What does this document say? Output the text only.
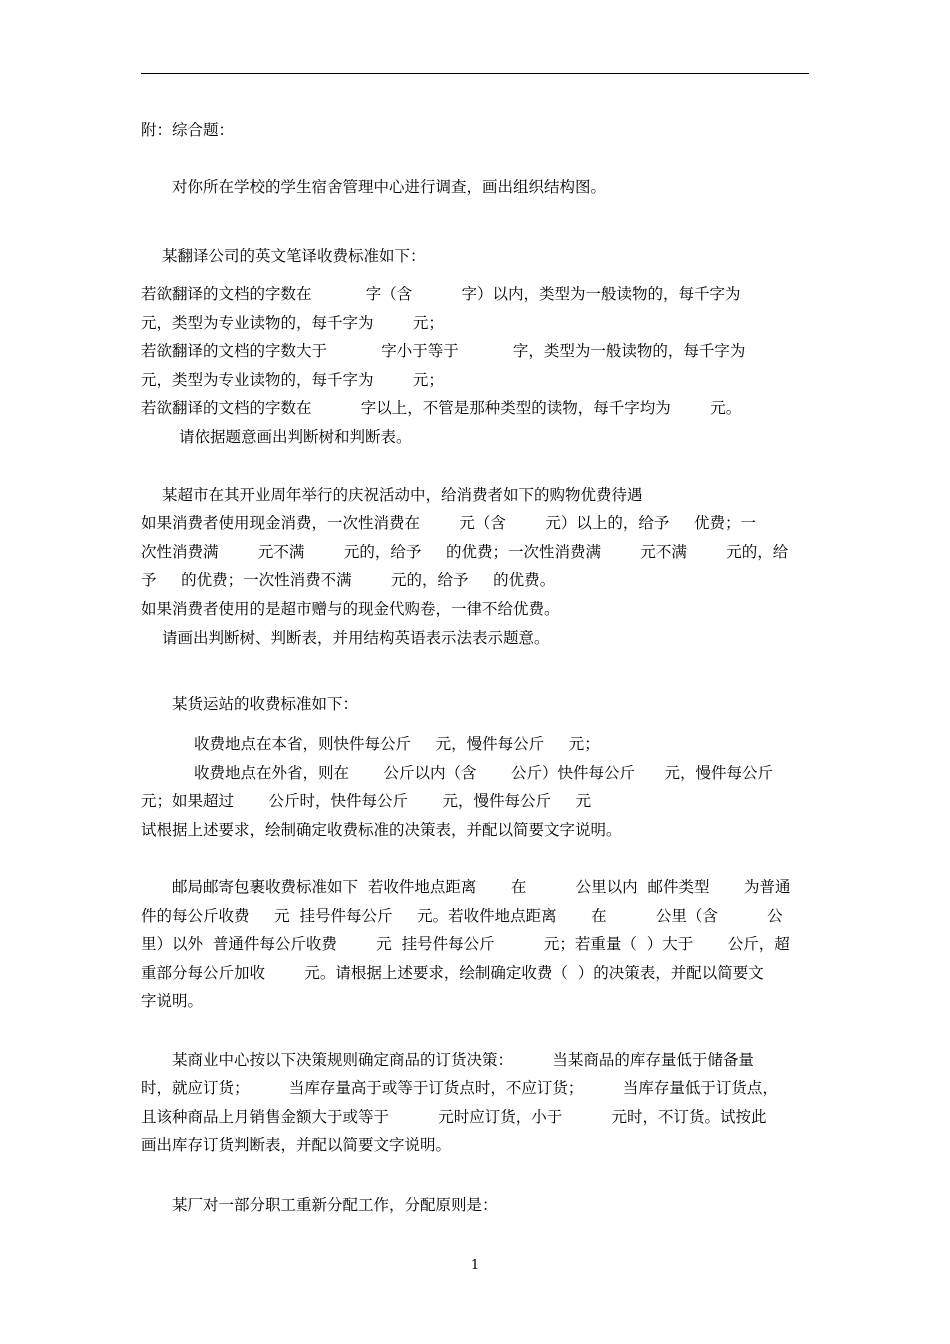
附：综合题：
对你所在学校的学生宿舍管理中心进行调查，画出组织结构图。
某翻译公司的英文笔译收费标准如下：
若欲翻译的文档的字数在           字（含          字）以内，类型为一般读物的，每千字为
元，类型为专业读物的，每千字为        元；
若欲翻译的文档的字数大于           字小于等于           字，类型为一般读物的，每千字为
元，类型为专业读物的，每千字为        元；
若欲翻译的文档的字数在          字以上，不管是那种类型的读物，每千字均为        元。
请依据题意画出判断树和判断表。
某超市在其开业周年举行的庆祝活动中，给消费者如下的购物优费待遇
如果消费者使用现金消费，一次性消费在        元（含        元）以上的，给予     优费；一
次性消费满        元不满        元的，给予     的优费；一次性消费满        元不满        元的，给
予     的优费；一次性消费不满        元的，给予     的优费。
如果消费者使用的是超市赠与的现金代购卷，一律不给优费。
请画出判断树、判断表，并用结构英语表示法表示题意。
某货运站的收费标准如下：
收费地点在本省，则快件每公斤     元，慢件每公斤     元；
收费地点在外省，则在       公斤以内（含       公斤）快件每公斤      元，慢件每公斤
元；如果超过       公斤时，快件每公斤       元，慢件每公斤     元
试根据上述要求，绘制确定收费标准的决策表，并配以简要文字说明。
邮局邮寄包裹收费标准如下  若收件地点距离       在          公里以内  邮件类型       为普通
件的每公斤收费     元  挂号件每公斤     元。若收件地点距离       在          公里（含          公
里）以外  普通件每公斤收费        元  挂号件每公斤          元；若重量（  ）大于       公斤，超
重部分每公斤加收        元。请根据上述要求，绘制确定收费（  ）的决策表，并配以简要文
字说明。
某商业中心按以下决策规则确定商品的订货决策：        当某商品的库存量低于储备量
时，就应订货；        当库存量高于或等于订货点时，不应订货；        当库存量低于订货点，
且该种商品上月销售金额大于或等于          元时应订货，小于          元时，不订货。试按此
画出库存订货判断表，并配以简要文字说明。
某厂对一部分职工重新分配工作，分配原则是：
1
